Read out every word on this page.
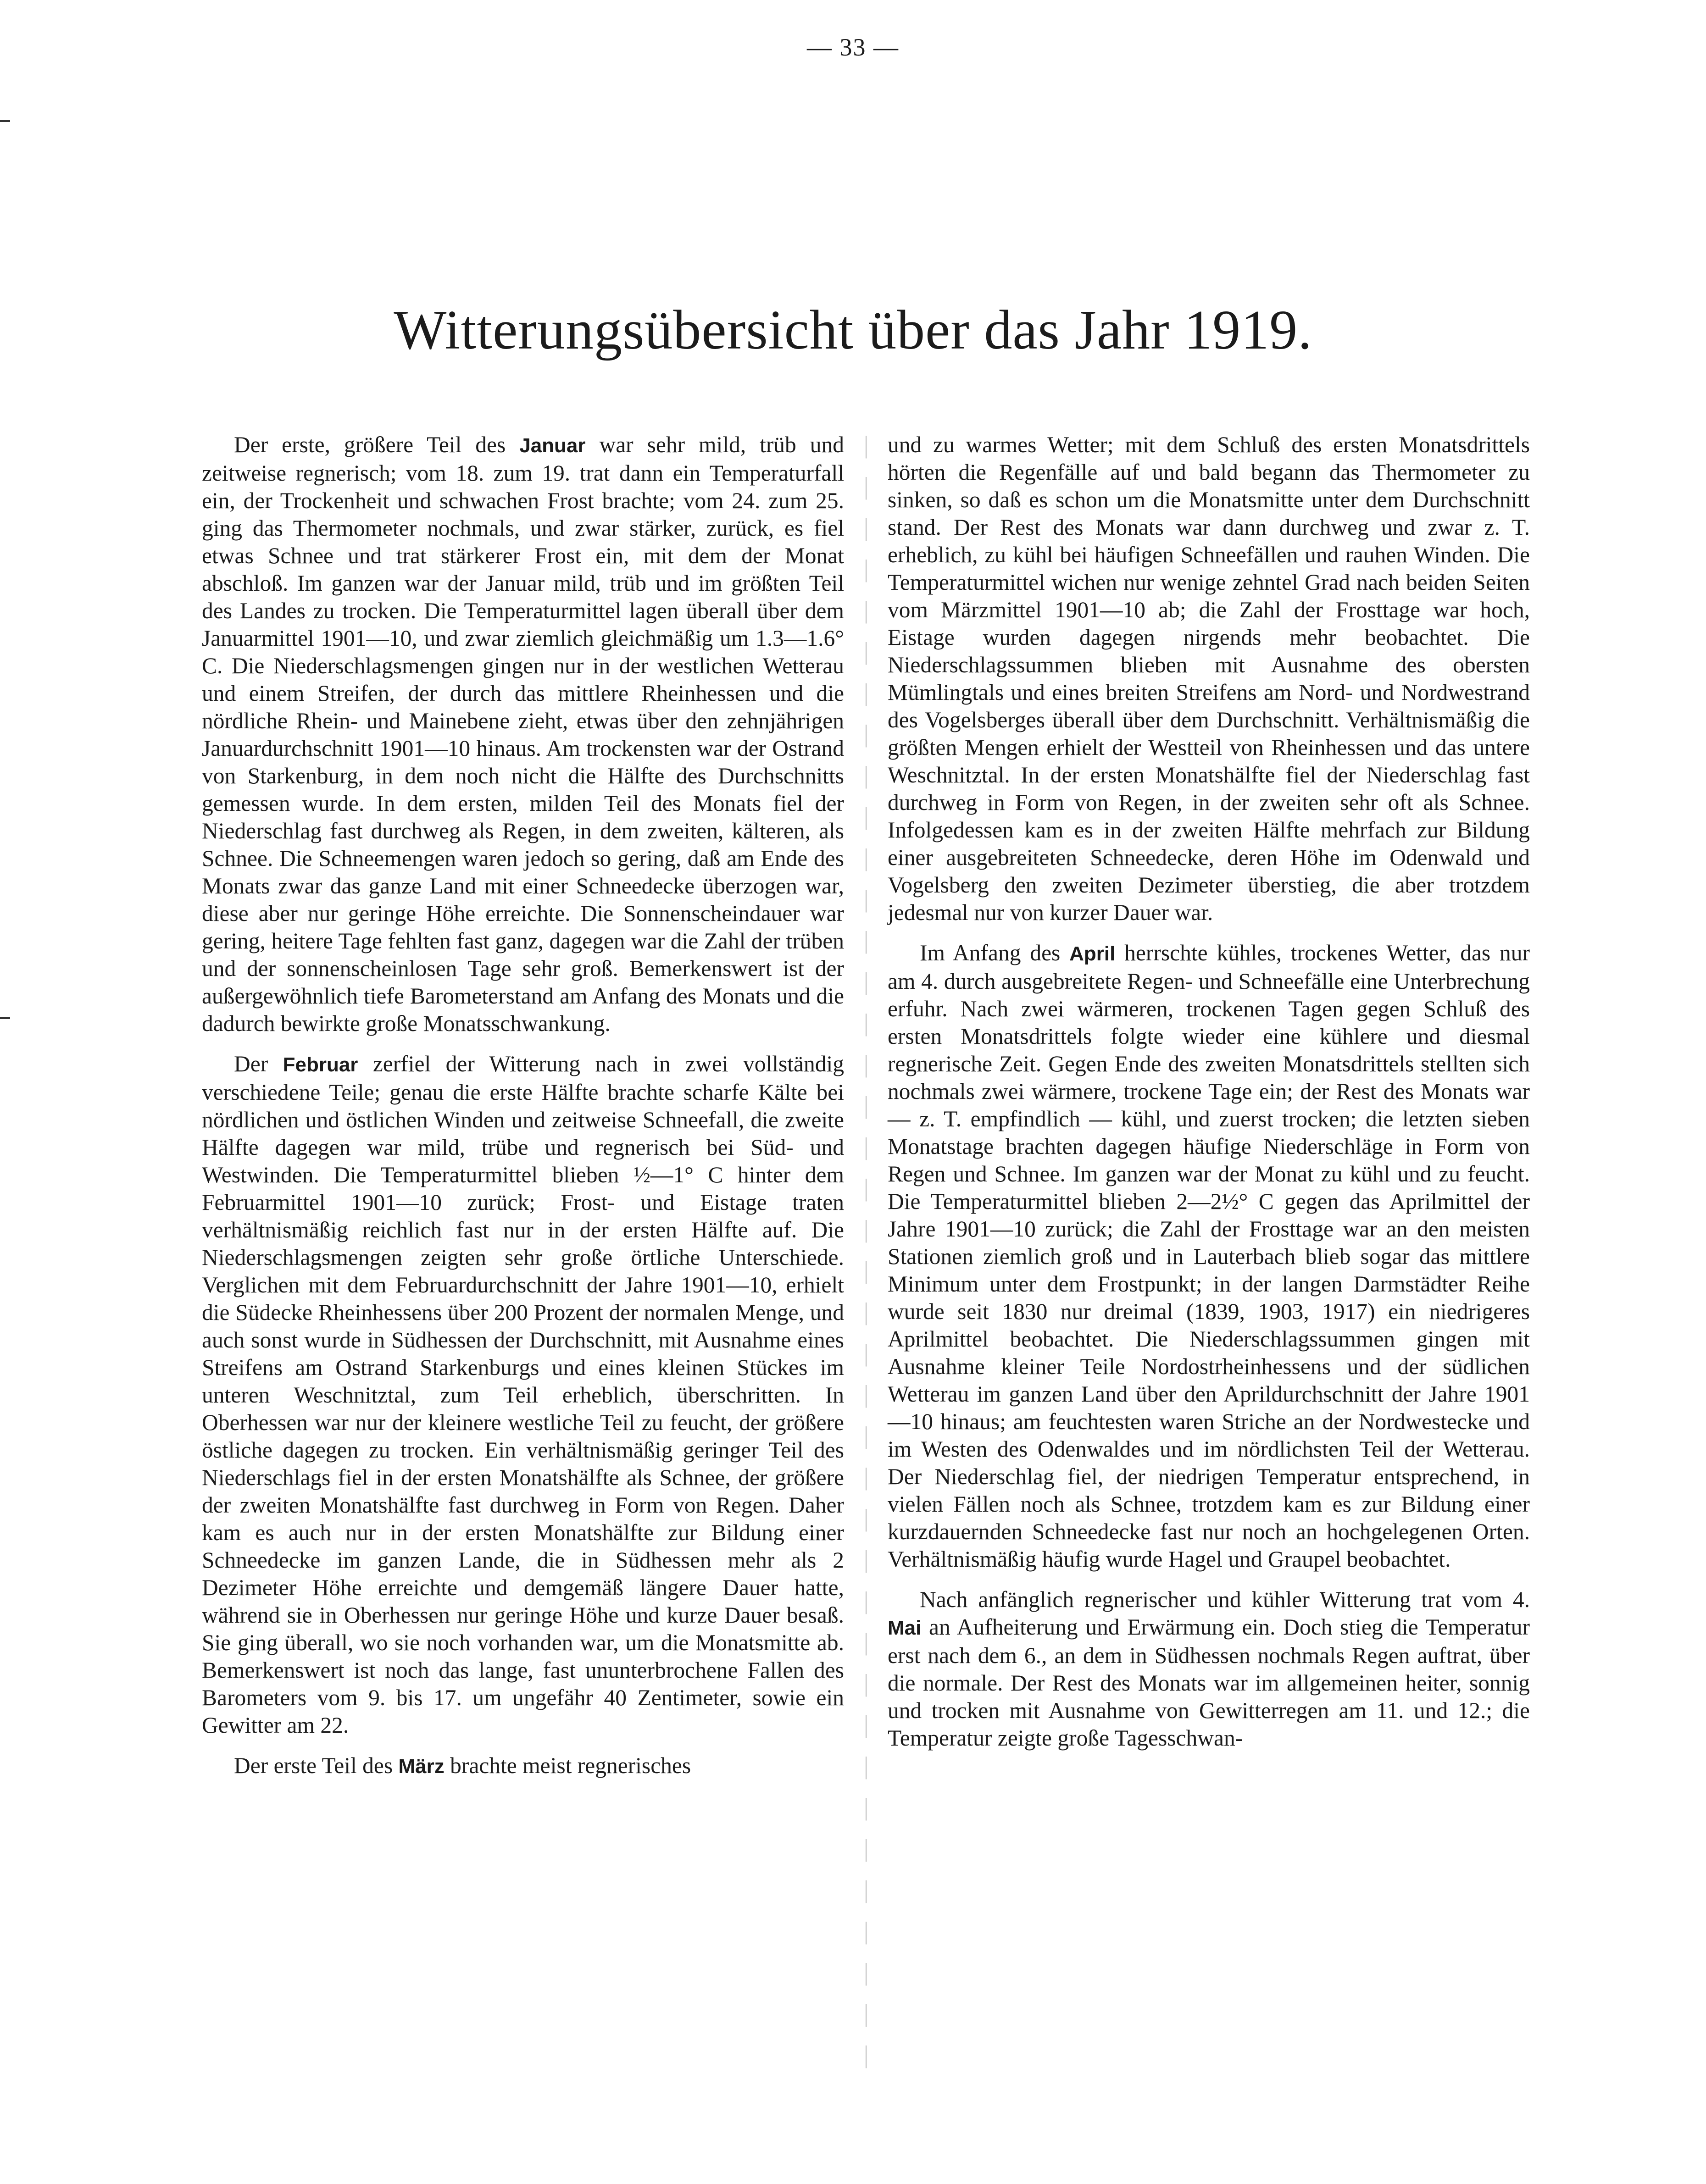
— 33 —
Witterungsübersicht über das Jahr 1919.

Der erste, größere Teil des Januar war sehr mild, trüb und zeitweise regnerisch; vom 18. zum 19. trat dann ein Temperaturfall ein, der Trockenheit und schwachen Frost brachte; vom 24. zum 25. ging das Thermometer nochmals, und zwar stärker, zurück, es fiel etwas Schnee und trat stärkerer Frost ein, mit dem der Monat abschloß. Im ganzen war der Januar mild, trüb und im größten Teil des Landes zu trocken. Die Temperaturmittel lagen überall über dem Januarmittel 1901—10, und zwar ziemlich gleichmäßig um 1.3—1.6° C. Die Niederschlagsmengen gingen nur in der westlichen Wetterau und einem Streifen, der durch das mittlere Rheinhessen und die nördliche Rhein- und Mainebene zieht, etwas über den zehnjährigen Januardurchschnitt 1901—10 hinaus. Am trockensten war der Ostrand von Starkenburg, in dem noch nicht die Hälfte des Durchschnitts gemessen wurde. In dem ersten, milden Teil des Monats fiel der Niederschlag fast durchweg als Regen, in dem zweiten, kälteren, als Schnee. Die Schneemengen waren jedoch so gering, daß am Ende des Monats zwar das ganze Land mit einer Schneedecke überzogen war, diese aber nur geringe Höhe erreichte. Die Sonnenscheindauer war gering, heitere Tage fehlten fast ganz, dagegen war die Zahl der trüben und der sonnenscheinlosen Tage sehr groß. Bemerkenswert ist der außergewöhnlich tiefe Barometerstand am Anfang des Monats und die dadurch bewirkte große Monatsschwankung.

Der Februar zerfiel der Witterung nach in zwei vollständig verschiedene Teile; genau die erste Hälfte brachte scharfe Kälte bei nördlichen und östlichen Winden und zeitweise Schneefall, die zweite Hälfte dagegen war mild, trübe und regnerisch bei Süd- und Westwinden. Die Temperaturmittel blieben ½—1° C hinter dem Februarmittel 1901—10 zurück; Frost- und Eistage traten verhältnismäßig reichlich fast nur in der ersten Hälfte auf. Die Niederschlagsmengen zeigten sehr große örtliche Unterschiede. Verglichen mit dem Februardurchschnitt der Jahre 1901—10, erhielt die Südecke Rheinhessens über 200 Prozent der normalen Menge, und auch sonst wurde in Südhessen der Durchschnitt, mit Ausnahme eines Streifens am Ostrand Starkenburgs und eines kleinen Stückes im unteren Weschnitztal, zum Teil erheblich, überschritten. In Oberhessen war nur der kleinere westliche Teil zu feucht, der größere östliche dagegen zu trocken. Ein verhältnismäßig geringer Teil des Niederschlags fiel in der ersten Monatshälfte als Schnee, der größere der zweiten Monatshälfte fast durchweg in Form von Regen. Daher kam es auch nur in der ersten Monatshälfte zur Bildung einer Schneedecke im ganzen Lande, die in Südhessen mehr als 2 Dezimeter Höhe erreichte und demgemäß längere Dauer hatte, während sie in Oberhessen nur geringe Höhe und kurze Dauer besaß. Sie ging überall, wo sie noch vorhanden war, um die Monatsmitte ab. Bemerkenswert ist noch das lange, fast ununterbrochene Fallen des Barometers vom 9. bis 17. um ungefähr 40 Zentimeter, sowie ein Gewitter am 22.

Der erste Teil des März brachte meist regnerisches

und zu warmes Wetter; mit dem Schluß des ersten Monatsdrittels hörten die Regenfälle auf und bald begann das Thermometer zu sinken, so daß es schon um die Monatsmitte unter dem Durchschnitt stand. Der Rest des Monats war dann durchweg und zwar z. T. erheblich, zu kühl bei häufigen Schneefällen und rauhen Winden. Die Temperaturmittel wichen nur wenige zehntel Grad nach beiden Seiten vom Märzmittel 1901—10 ab; die Zahl der Frosttage war hoch, Eistage wurden dagegen nirgends mehr beobachtet. Die Niederschlagssummen blieben mit Ausnahme des obersten Mümlingtals und eines breiten Streifens am Nord- und Nordwestrand des Vogelsberges überall über dem Durchschnitt. Verhältnismäßig die größten Mengen erhielt der Westteil von Rheinhessen und das untere Weschnitztal. In der ersten Monatshälfte fiel der Niederschlag fast durchweg in Form von Regen, in der zweiten sehr oft als Schnee. Infolgedessen kam es in der zweiten Hälfte mehrfach zur Bildung einer ausgebreiteten Schneedecke, deren Höhe im Odenwald und Vogelsberg den zweiten Dezimeter überstieg, die aber trotzdem jedesmal nur von kurzer Dauer war.

Im Anfang des April herrschte kühles, trockenes Wetter, das nur am 4. durch ausgebreitete Regen- und Schneefälle eine Unterbrechung erfuhr. Nach zwei wärmeren, trockenen Tagen gegen Schluß des ersten Monatsdrittels folgte wieder eine kühlere und diesmal regnerische Zeit. Gegen Ende des zweiten Monatsdrittels stellten sich nochmals zwei wärmere, trockene Tage ein; der Rest des Monats war — z. T. empfindlich — kühl, und zuerst trocken; die letzten sieben Monatstage brachten dagegen häufige Niederschläge in Form von Regen und Schnee. Im ganzen war der Monat zu kühl und zu feucht. Die Temperaturmittel blieben 2—2½° C gegen das Aprilmittel der Jahre 1901—10 zurück; die Zahl der Frosttage war an den meisten Stationen ziemlich groß und in Lauterbach blieb sogar das mittlere Minimum unter dem Frostpunkt; in der langen Darmstädter Reihe wurde seit 1830 nur dreimal (1839, 1903, 1917) ein niedrigeres Aprilmittel beobachtet. Die Niederschlagssummen gingen mit Ausnahme kleiner Teile Nordostrheinhessens und der südlichen Wetterau im ganzen Land über den Aprildurchschnitt der Jahre 1901—10 hinaus; am feuchtesten waren Striche an der Nordwestecke und im Westen des Odenwaldes und im nördlichsten Teil der Wetterau. Der Niederschlag fiel, der niedrigen Temperatur entsprechend, in vielen Fällen noch als Schnee, trotzdem kam es zur Bildung einer kurzdauernden Schneedecke fast nur noch an hochgelegenen Orten. Verhältnismäßig häufig wurde Hagel und Graupel beobachtet.

Nach anfänglich regnerischer und kühler Witterung trat vom 4. Mai an Aufheiterung und Erwärmung ein. Doch stieg die Temperatur erst nach dem 6., an dem in Südhessen nochmals Regen auftrat, über die normale. Der Rest des Monats war im allgemeinen heiter, sonnig und trocken mit Ausnahme von Gewitterregen am 11. und 12.; die Temperatur zeigte große Tagesschwan-
